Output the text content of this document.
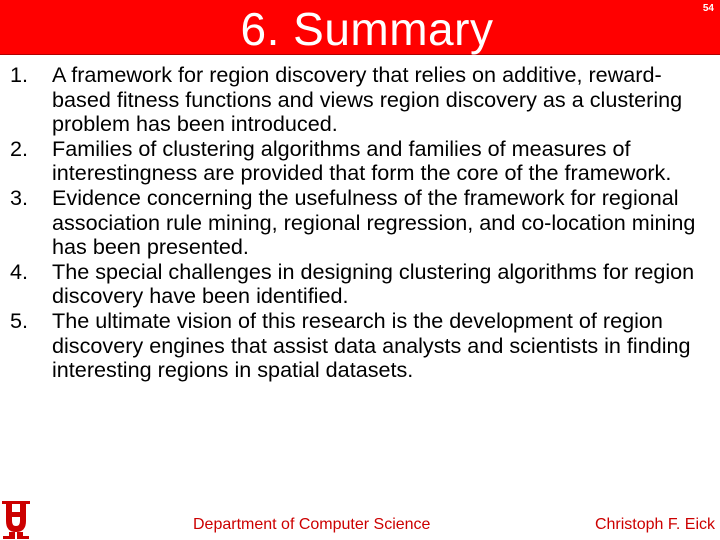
6. Summary	54
1.	A framework for region discovery that relies on additive, reward-based fitness functions and views region discovery as a clustering problem has been introduced.
2.	Families of clustering algorithms and families of measures of interestingness are provided that form the core of the framework.
3.	Evidence concerning the usefulness of the framework for regional association rule mining, regional regression, and co-location mining has been presented.
4.	The special challenges in designing clustering algorithms for region discovery have been identified.
5.	The ultimate vision of this research is the development of region discovery engines that assist data analysts and scientists in finding interesting regions in spatial datasets.
Department of Computer Science	Christoph F. Eick
